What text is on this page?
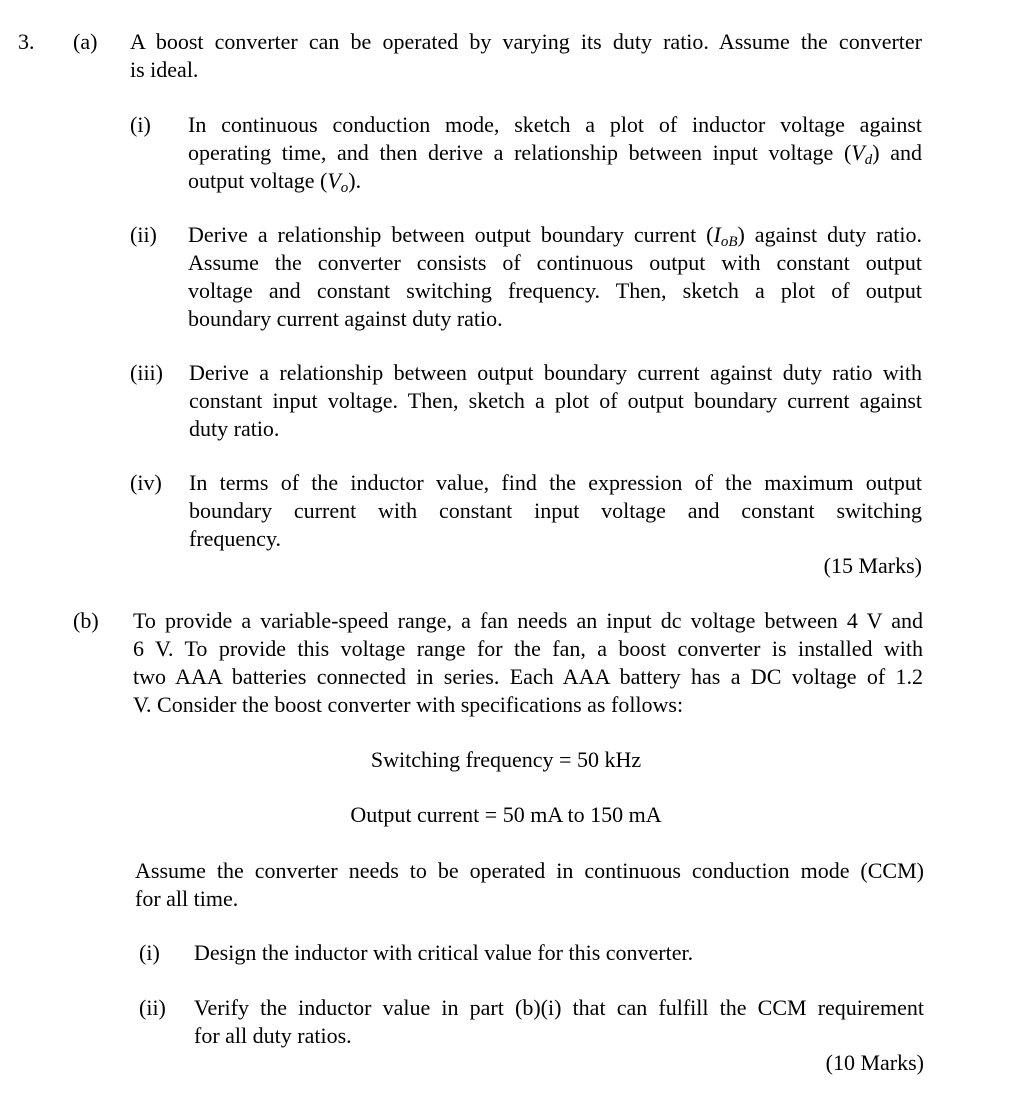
3. (a) A boost converter can be operated by varying its duty ratio. Assume the converter
is ideal.
(i) In continuous conduction mode, sketch a plot of inductor voltage against
operating time, and then derive a relationship between input voltage $(V_d)$ and
output voltage $(V_o)$.
(ii) Derive a relationship between output boundary current $(I_{oB})$ against duty ratio.
Assume the converter consists of continuous output with constant output
voltage and constant switching frequency. Then, sketch a plot of output
boundary current against duty ratio.
(iii) Derive a relationship between output boundary current against duty ratio with
constant input voltage. Then, sketch a plot of output boundary current against
duty ratio.
(iv) In terms of the inductor value, find the expression of the maximum output
boundary current with constant input voltage and constant switching
frequency.
(15 Marks)
(b) To provide a variable-speed range, a fan needs an input dc voltage between 4 V and
6 V. To provide this voltage range for the fan, a boost converter is installed with
two AAA batteries connected in series. Each AAA battery has a DC voltage of 1.2
V. Consider the boost converter with specifications as follows:
Switching frequency = 50 kHz
Output current = 50 mA to 150 mA
Assume the converter needs to be operated in continuous conduction mode (CCM)
for all time.
(i) Design the inductor with critical value for this converter.
(ii) Verify the inductor value in part (b)(i) that can fulfill the CCM requirement
for all duty ratios.
(10 Marks)
